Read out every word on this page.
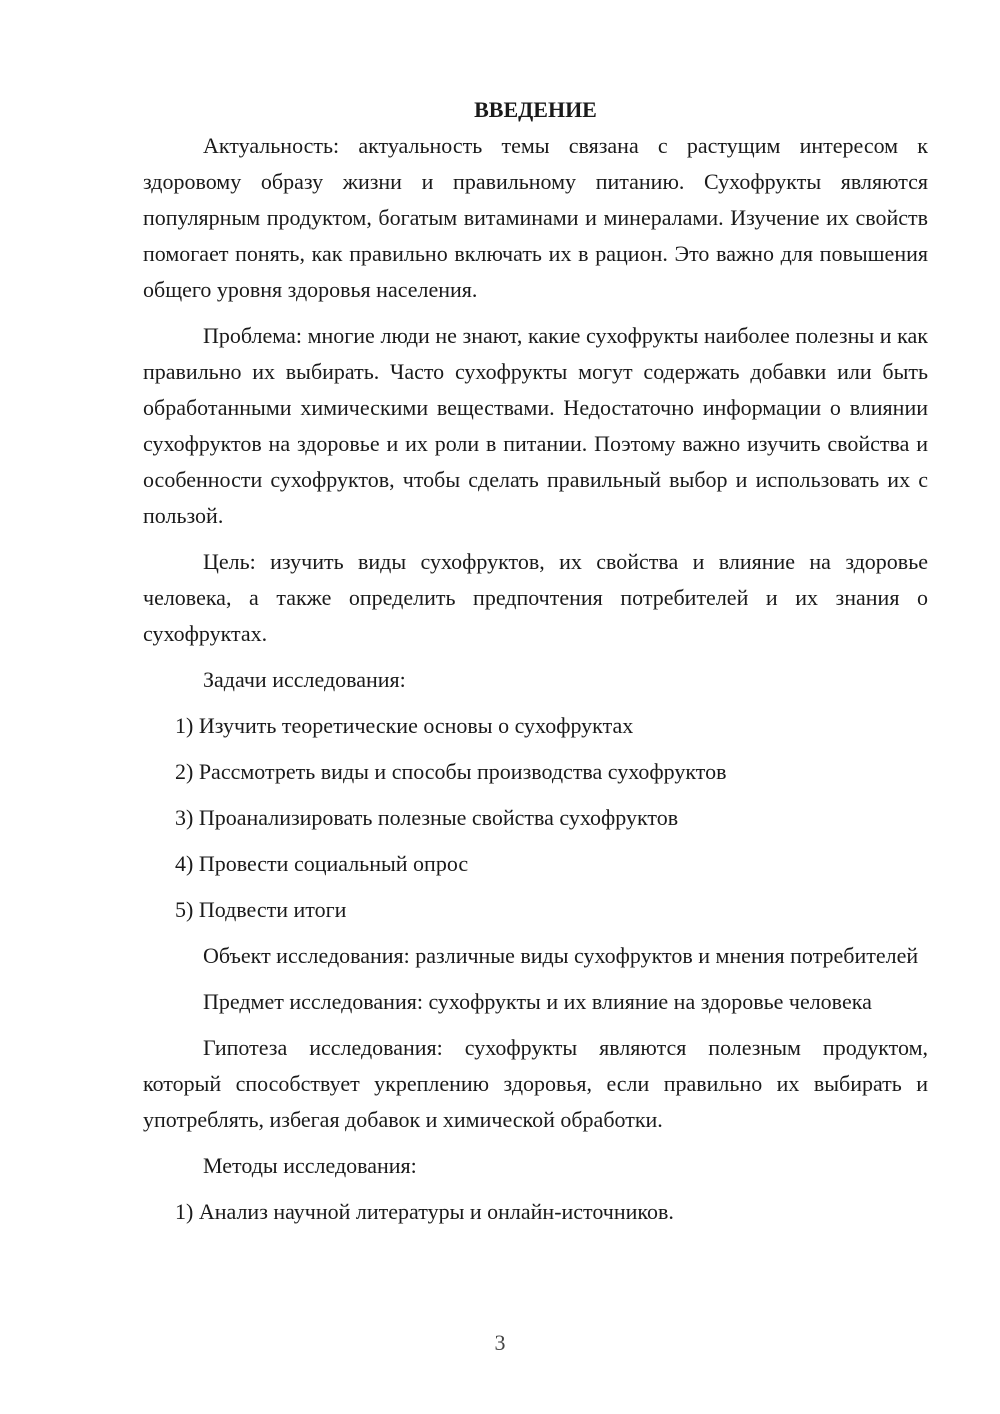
ВВЕДЕНИЕ

Актуальность: актуальность темы связана с растущим интересом к здоровому образу жизни и правильному питанию. Сухофрукты являются популярным продуктом, богатым витаминами и минералами. Изучение их свойств помогает понять, как правильно включать их в рацион. Это важно для повышения общего уровня здоровья населения.

Проблема: многие люди не знают, какие сухофрукты наиболее полезны и как правильно их выбирать. Часто сухофрукты могут содержать добавки или быть обработанными химическими веществами. Недостаточно информации о влиянии сухофруктов на здоровье и их роли в питании. Поэтому важно изучить свойства и особенности сухофруктов, чтобы сделать правильный выбор и использовать их с пользой.

Цель: изучить виды сухофруктов, их свойства и влияние на здоровье человека, а также определить предпочтения потребителей и их знания о сухофруктах.

Задачи исследования:

1) Изучить теоретические основы о сухофруктах

2) Рассмотреть виды и способы производства сухофруктов

3) Проанализировать полезные свойства сухофруктов

4) Провести социальный опрос

5) Подвести итоги

Объект исследования: различные виды сухофруктов и мнения потребителей

Предмет исследования: сухофрукты и их влияние на здоровье человека

Гипотеза исследования: сухофрукты являются полезным продуктом, который способствует укреплению здоровья, если правильно их выбирать и употреблять, избегая добавок и химической обработки.

Методы исследования:

1) Анализ научной литературы и онлайн-источников.

3
